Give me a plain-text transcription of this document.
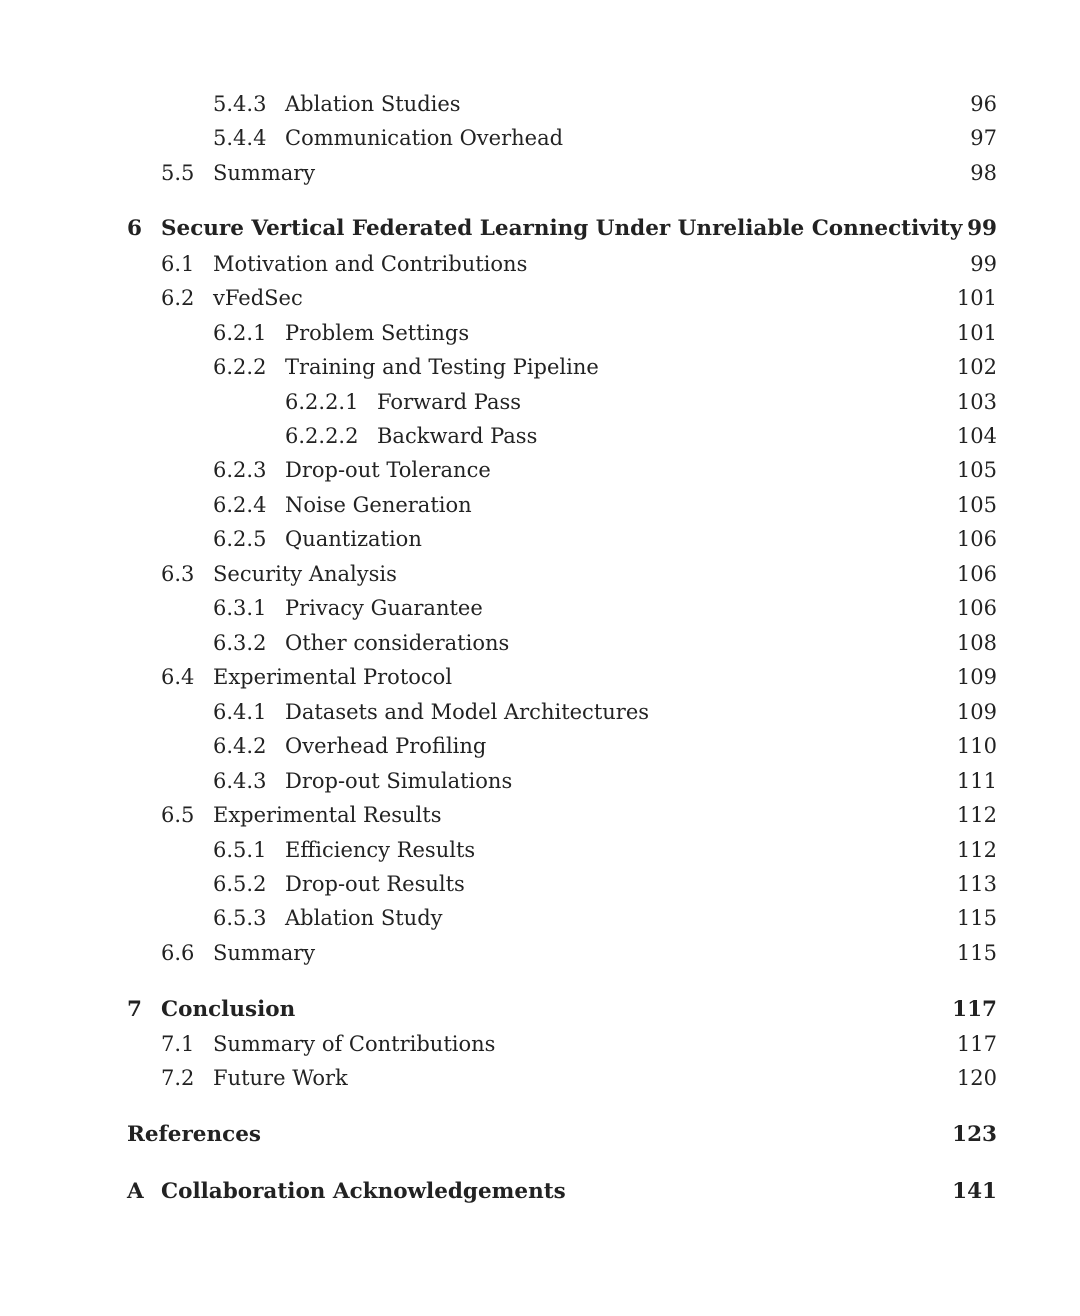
5.4.3 Ablation Studies	96
5.4.4 Communication Overhead	97
5.5 Summary	98
6 Secure Vertical Federated Learning Under Unreliable Connectivity 99
6.1 Motivation and Contributions	99
6.2 vFedSec	101
6.2.1 Problem Settings	101
6.2.2 Training and Testing Pipeline	102
6.2.2.1 Forward Pass	103
6.2.2.2 Backward Pass	104
6.2.3 Drop-out Tolerance	105
6.2.4 Noise Generation	105
6.2.5 Quantization	106
6.3 Security Analysis	106
6.3.1 Privacy Guarantee	106
6.3.2 Other considerations	108
6.4 Experimental Protocol	109
6.4.1 Datasets and Model Architectures	109
6.4.2 Overhead Profiling	110
6.4.3 Drop-out Simulations	111
6.5 Experimental Results	112
6.5.1 Efficiency Results	112
6.5.2 Drop-out Results	113
6.5.3 Ablation Study	115
6.6 Summary	115
7 Conclusion	117
7.1 Summary of Contributions	117
7.2 Future Work	120
References	123
A Collaboration Acknowledgements	141
